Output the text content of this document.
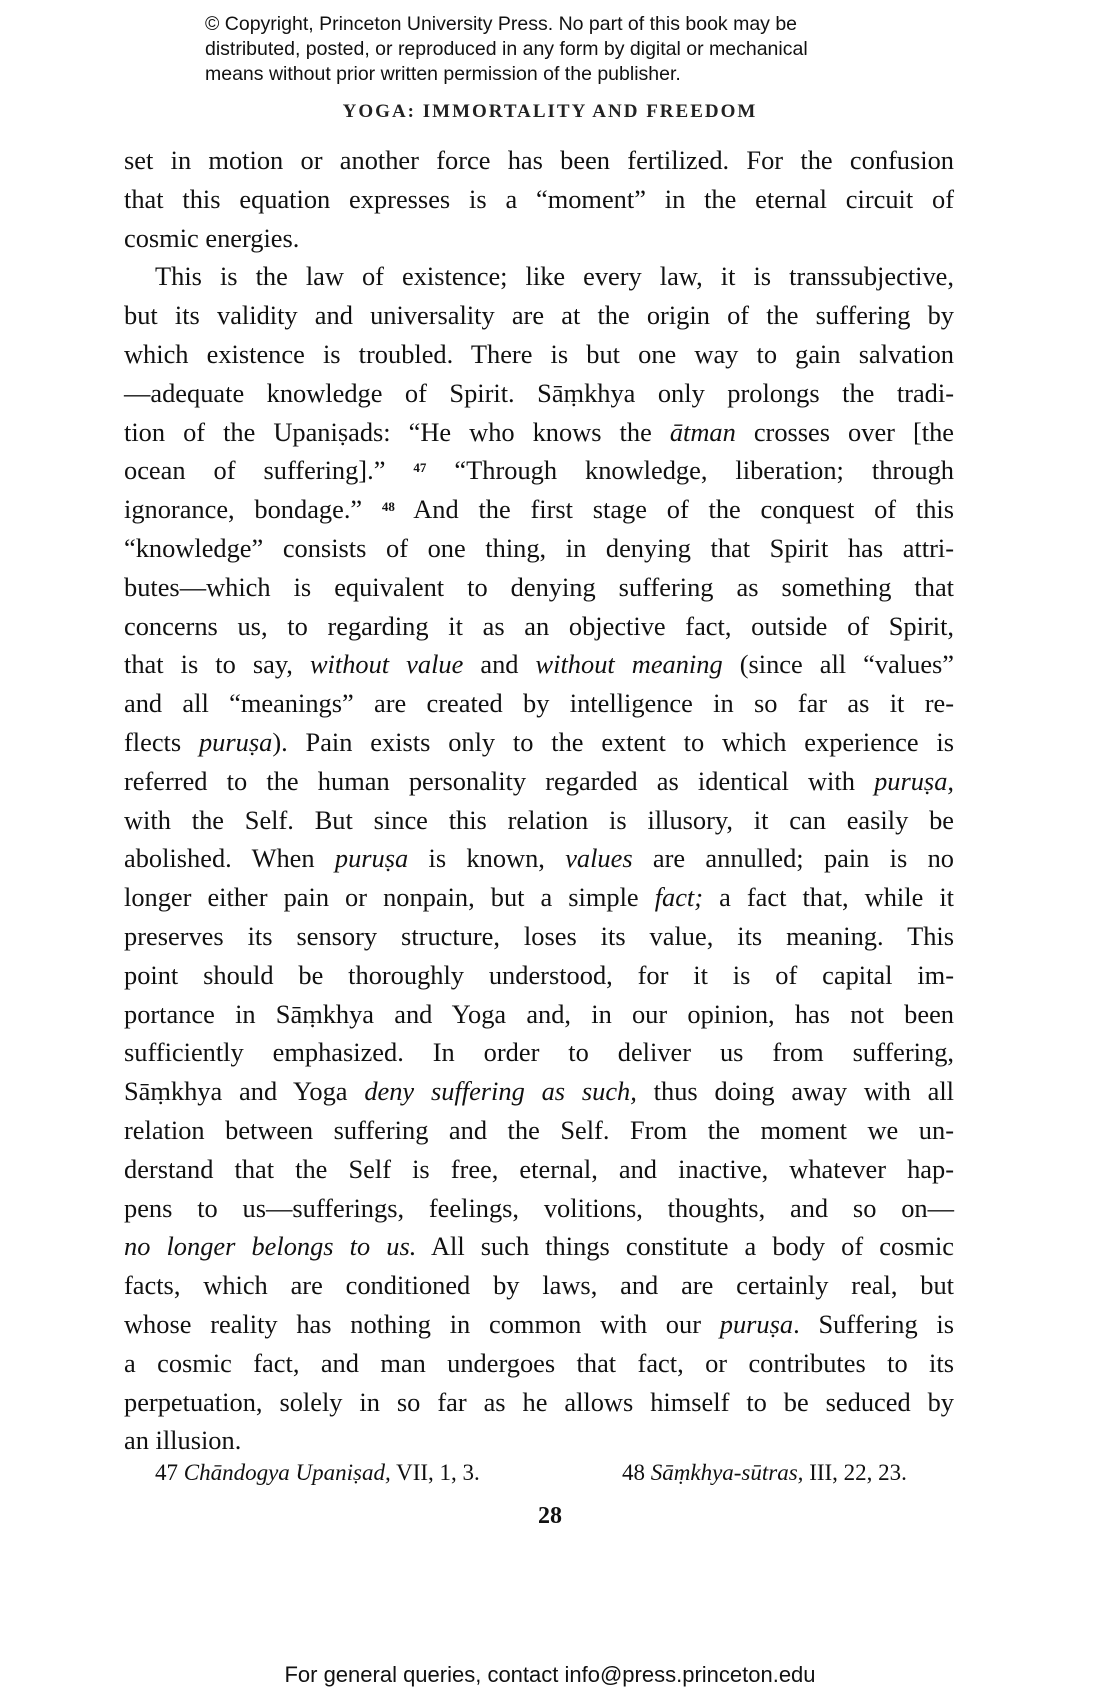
© Copyright, Princeton University Press. No part of this book may be
distributed, posted, or reproduced in any form by digital or mechanical
means without prior written permission of the publisher.
YOGA: IMMORTALITY AND FREEDOM
set in motion or another force has been fertilized. For the confusion
that this equation expresses is a “moment” in the eternal circuit of
cosmic energies.
This is the law of existence; like every law, it is transsubjective,
but its validity and universality are at the origin of the suffering by
which existence is troubled. There is but one way to gain salvation
—adequate knowledge of Spirit. Sāṃkhya only prolongs the tradi-
tion of the Upaniṣads: “He who knows the ātman crosses over [the
ocean of suffering].” $^{47}$ “Through knowledge, liberation; through
ignorance, bondage.” $^{48}$ And the first stage of the conquest of this
“knowledge” consists of one thing, in denying that Spirit has attri-
butes—which is equivalent to denying suffering as something that
concerns us, to regarding it as an objective fact, outside of Spirit,
that is to say, without value and without meaning (since all “values”
and all “meanings” are created by intelligence in so far as it re-
flects puruṣa). Pain exists only to the extent to which experience is
referred to the human personality regarded as identical with puruṣa,
with the Self. But since this relation is illusory, it can easily be
abolished. When puruṣa is known, values are annulled; pain is no
longer either pain or nonpain, but a simple fact; a fact that, while it
preserves its sensory structure, loses its value, its meaning. This
point should be thoroughly understood, for it is of capital im-
portance in Sāṃkhya and Yoga and, in our opinion, has not been
sufficiently emphasized. In order to deliver us from suffering,
Sāṃkhya and Yoga deny suffering as such, thus doing away with all
relation between suffering and the Self. From the moment we un-
derstand that the Self is free, eternal, and inactive, whatever hap-
pens to us—sufferings, feelings, volitions, thoughts, and so on—
no longer belongs to us. All such things constitute a body of cosmic
facts, which are conditioned by laws, and are certainly real, but
whose reality has nothing in common with our puruṣa. Suffering is
a cosmic fact, and man undergoes that fact, or contributes to its
perpetuation, solely in so far as he allows himself to be seduced by
an illusion.
47 Chāndogya Upaniṣad, VII, 1, 3.	48 Sāṃkhya-sūtras, III, 22, 23.
28
For general queries, contact info@press.princeton.edu
